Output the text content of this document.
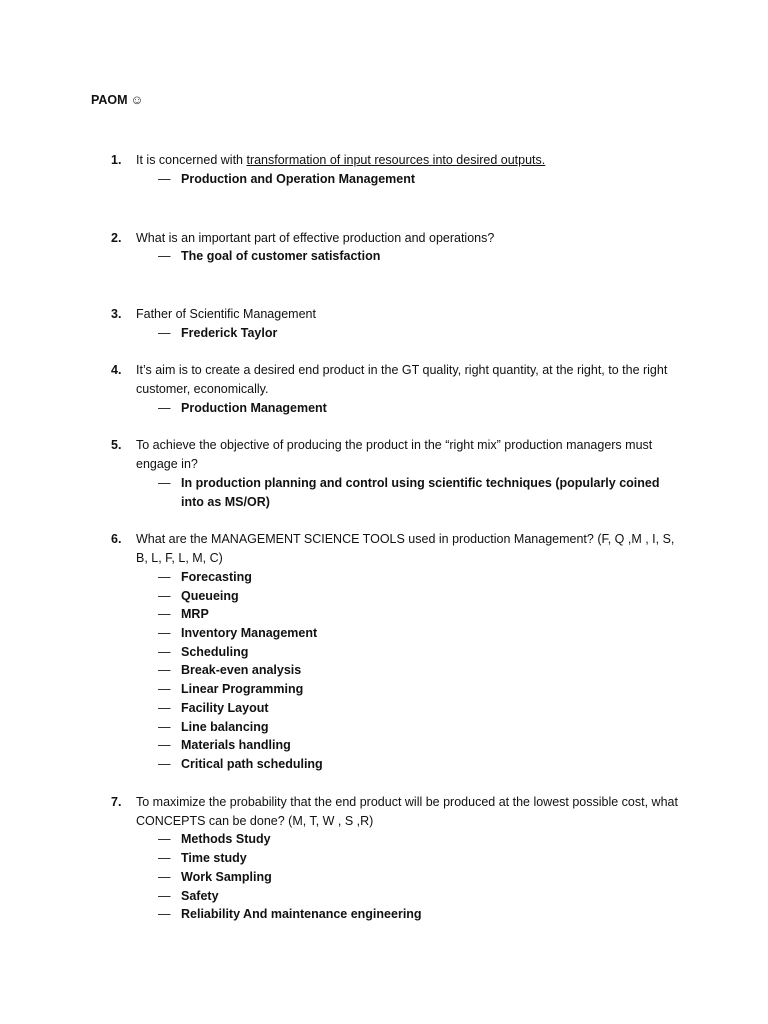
PAOM ☺
1.	It is concerned with transformation of input resources into desired outputs.
— Production and Operation Management
2.	What is an important part of effective production and operations?
— The goal of customer satisfaction
3.	Father of Scientific Management
— Frederick Taylor
4.	It’s aim is to create a desired end product in the GT quality, right quantity, at the right, to the right customer, economically.
— Production Management
5.	To achieve the objective of producing the product in the “right mix” production managers must engage in?
— In production planning and control using scientific techniques (popularly coined into as MS/OR)
6.	What are the MANAGEMENT SCIENCE TOOLS used in production Management? (F, Q ,M , I, S, B, L, F, L, M, C)
— Forecasting
— Queueing
— MRP
— Inventory Management
— Scheduling
— Break-even analysis
— Linear Programming
— Facility Layout
— Line balancing
— Materials handling
— Critical path scheduling
7.	To maximize the probability that the end product will be produced at the lowest possible cost, what CONCEPTS can be done? (M, T, W , S ,R)
— Methods Study
— Time study
— Work Sampling
— Safety
— Reliability And maintenance engineering
